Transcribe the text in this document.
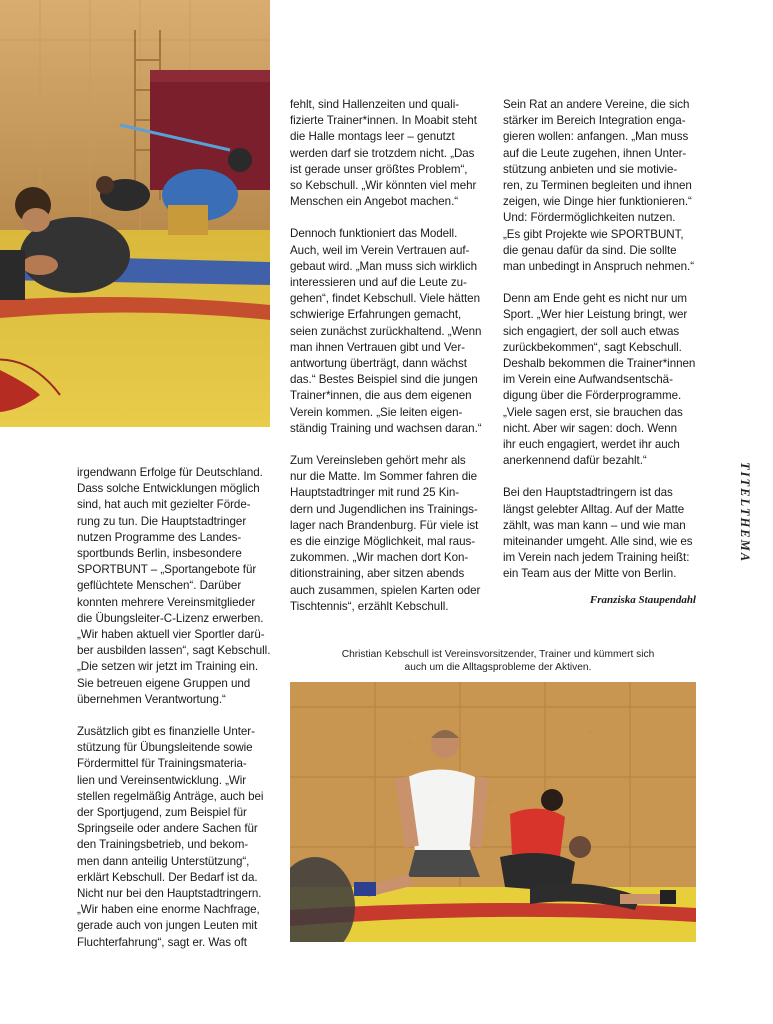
Sein Rat an andere Vereine, die sich
stärker im Bereich Integration enga-
gieren wollen: anfangen. „Man muss
auf die Leute zugehen, ihnen Unter-
stützung anbieten und sie motivie-
ren, zu Terminen begleiten und ihnen
zeigen, wie Dinge hier funktionieren.“
Und: Fördermöglichkeiten nutzen.
„Es gibt Projekte wie SPORTBUNT,
die genau dafür da sind. Die sollte
man unbedingt in Anspruch nehmen.“

Denn am Ende geht es nicht nur um
Sport. „Wer hier Leistung bringt, wer
sich engagiert, der soll auch etwas
zurückbekommen“, sagt Kebschull.
Deshalb bekommen die Trainer*innen
im Verein eine Aufwandsentschä-
digung über die Förderprogramme.
„Viele sagen erst, sie brauchen das
nicht. Aber wir sagen: doch. Wenn
ihr euch engagiert, werdet ihr auch
anerkennend dafür bezahlt.“

Bei den Hauptstadtringern ist das
längst gelebter Alltag. Auf der Matte
zählt, was man kann – und wie man
miteinander umgeht. Alle sind, wie es
im Verein nach jedem Training heißt:
ein Team aus der Mitte von Berlin.

fehlt, sind Hallenzeiten und quali-
fizierte Trainer*innen. In Moabit steht
die Halle montags leer – genutzt
werden darf sie trotzdem nicht. „Das
ist gerade unser größtes Problem“,
so Kebschull. „Wir könnten viel mehr
Menschen ein Angebot machen.“

Dennoch funktioniert das Modell.
Auch, weil im Verein Vertrauen auf-
gebaut wird. „Man muss sich wirklich
interessieren und auf die Leute zu-
gehen“, findet Kebschull. Viele hätten
schwierige Erfahrungen gemacht,
seien zunächst zurückhaltend. „Wenn
man ihnen Vertrauen gibt und Ver-
antwortung überträgt, dann wächst
das.“ Bestes Beispiel sind die jungen
Trainer*innen, die aus dem eigenen
Verein kommen. „Sie leiten eigen-
ständig Training und wachsen daran.“

Zum Vereinsleben gehört mehr als
nur die Matte. Im Sommer fahren die
Hauptstadtringer mit rund 25 Kin-
dern und Jugendlichen ins Trainings-
lager nach Brandenburg. Für viele ist
es die einzige Möglichkeit, mal raus-
zukommen. „Wir machen dort Kon-
ditionstraining, aber sitzen abends
auch zusammen, spielen Karten oder
Tischtennis“, erzählt Kebschull.

irgendwann Erfolge für Deutschland.
Dass solche Entwicklungen möglich
sind, hat auch mit gezielter Förde-
rung zu tun. Die Hauptstadtringer
nutzen Programme des Landes-
sportbunds Berlin, insbesondere
SPORTBUNT – „Sportangebote für
geflüchtete Menschen“. Darüber
konnten mehrere Vereinsmitglieder
die Übungsleiter-C-Lizenz erwerben.
„Wir haben aktuell vier Sportler darü-
ber ausbilden lassen“, sagt Kebschull.
„Die setzen wir jetzt im Training ein.
Sie betreuen eigene Gruppen und
übernehmen Verantwortung.“

Zusätzlich gibt es finanzielle Unter-
stützung für Übungsleitende sowie
Fördermittel für Trainingsmateria-
lien und Vereinsentwicklung. „Wir
stellen regelmäßig Anträge, auch bei
der Sportjugend, zum Beispiel für
Springseile oder andere Sachen für
den Trainingsbetrieb, und bekom-
men dann anteilig Unterstützung“,
erklärt Kebschull. Der Bedarf ist da.
Nicht nur bei den Hauptstadtringern.
„Wir haben eine enorme Nachfrage,
gerade auch von jungen Leuten mit
Fluchterfahrung“, sagt er. Was oft

Franziska Staupendahl
TITELTHEMA
Christian Kebschull ist Vereinsvorsitzender, Trainer und kümmert sich
auch um die Alltagsprobleme der Aktiven.
